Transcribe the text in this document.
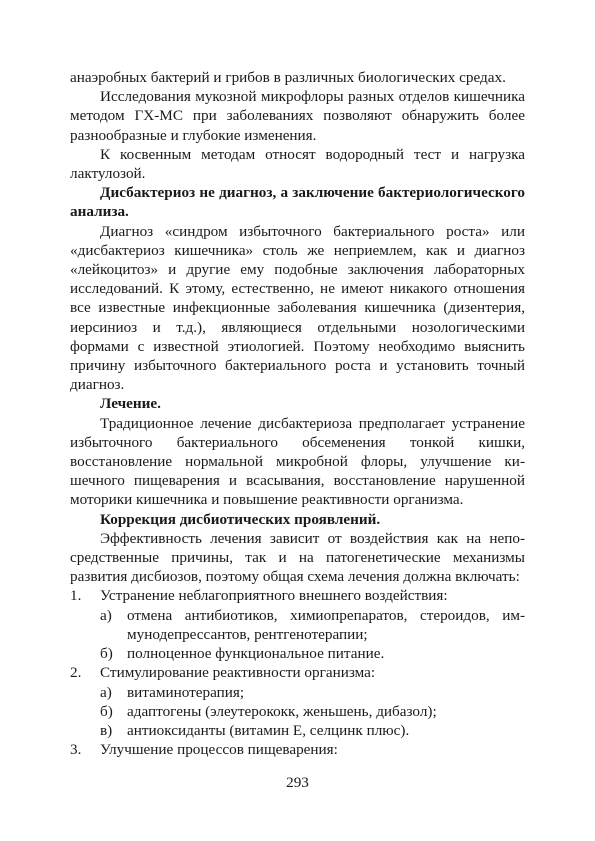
анаэробных бактерий и грибов в различных биологических средах.

Исследования мукозной микрофлоры разных отделов кишечника методом ГХ-МС при заболеваниях позволяют обнаружить более разнообразные и глубокие изменения.

К косвенным методам относят водородный тест и нагрузка лактулозой.

Дисбактериоз не диагноз, а заключение бактериологического анализа.

Диагноз «синдром избыточного бактериального роста» или «дисбактериоз кишечника» столь же неприемлем, как и диагноз «лейкоцитоз» и другие ему подобные заключения лабораторных исследований. К этому, естественно, не имеют никакого отношения все известные инфекционные заболевания кишечника (дизентерия, иерсиниоз и т.д.), являющиеся отдельными нозологическими формами с известной этиологией. Поэтому необходимо выяснить причину избыточного бактериального роста и установить точный диагноз.

Лечение.

Традиционное лечение дисбактериоза предполагает устранение избыточного бактериального обсеменения тонкой кишки, восстановление нормальной микробной флоры, улучшение кишечного пищеварения и всасывания, восстановление нарушенной моторики кишечника и повышение реактивности организма.

Коррекция дисбиотических проявлений.

Эффективность лечения зависит от воздействия как на непосредственные причины, так и на патогенетические механизмы развития дисбиозов, поэтому общая схема лечения должна включать:

1.	Устранение неблагоприятного внешнего воздействия:
а) отмена антибиотиков, химиопрепаратов, стероидов, иммунодепрессантов, рентгенотерапии;
б) полноценное функциональное питание.
2.	Стимулирование реактивности организма:
а) витаминотерапия;
б) адаптогены (элеутерококк, женьшень, дибазол);
в) антиоксиданты (витамин Е, селцинк плюс).
3.	Улучшение процессов пищеварения:
293
